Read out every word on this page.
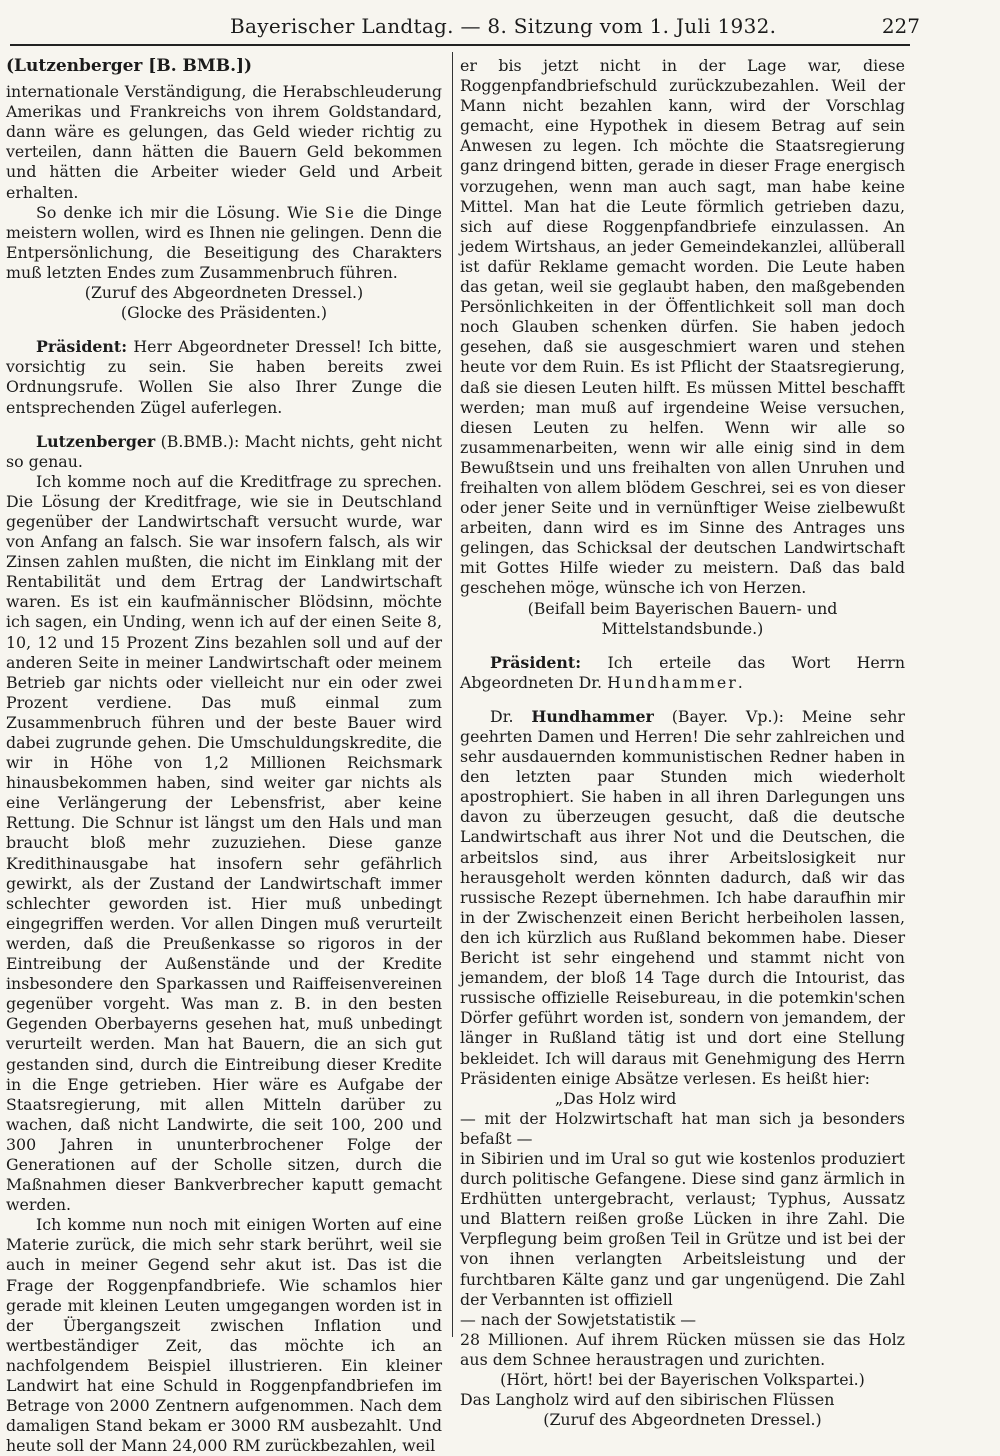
Bayerischer Landtag. — 8. Sitzung vom 1. Juli 1932.	227

(Lutzenberger [B. BMB.])

internationale Verständigung, die Herabschleuderung Amerikas und Frankreichs von ihrem Goldstandard, dann wäre es gelungen, das Geld wieder richtig zu verteilen, dann hätten die Bauern Geld bekommen und hätten die Arbeiter wieder Geld und Arbeit erhalten.

So denke ich mir die Lösung. Wie Sie die Dinge meistern wollen, wird es Ihnen nie gelingen. Denn die Entpersönlichung, die Beseitigung des Charakters muß letzten Endes zum Zusammenbruch führen.

(Zuruf des Abgeordneten Dressel.)

(Glocke des Präsidenten.)

Präsident: Herr Abgeordneter Dressel! Ich bitte, vorsichtig zu sein. Sie haben bereits zwei Ordnungsrufe. Wollen Sie also Ihrer Zunge die entsprechenden Zügel auferlegen.

Lutzenberger (B.BMB.): Macht nichts, geht nicht so genau.

Ich komme noch auf die Kreditfrage zu sprechen. Die Lösung der Kreditfrage, wie sie in Deutschland gegenüber der Landwirtschaft versucht wurde, war von Anfang an falsch. Sie war insofern falsch, als wir Zinsen zahlen mußten, die nicht im Einklang mit der Rentabilität und dem Ertrag der Landwirtschaft waren. Es ist ein kaufmännischer Blödsinn, möchte ich sagen, ein Unding, wenn ich auf der einen Seite 8, 10, 12 und 15 Prozent Zins bezahlen soll und auf der anderen Seite in meiner Landwirtschaft oder meinem Betrieb gar nichts oder vielleicht nur ein oder zwei Prozent verdiene. Das muß einmal zum Zusammenbruch führen und der beste Bauer wird dabei zugrunde gehen. Die Umschuldungskredite, die wir in Höhe von 1,2 Millionen Reichsmark hinausbekommen haben, sind weiter gar nichts als eine Verlängerung der Lebensfrist, aber keine Rettung. Die Schnur ist längst um den Hals und man braucht bloß mehr zuzuziehen. Diese ganze Kredithinausgabe hat insofern sehr gefährlich gewirkt, als der Zustand der Landwirtschaft immer schlechter geworden ist. Hier muß unbedingt eingegriffen werden. Vor allen Dingen muß verurteilt werden, daß die Preußenkasse so rigoros in der Eintreibung der Außenstände und der Kredite insbesondere den Sparkassen und Raiffeisenvereinen gegenüber vorgeht. Was man z. B. in den besten Gegenden Oberbayerns gesehen hat, muß unbedingt verurteilt werden. Man hat Bauern, die an sich gut gestanden sind, durch die Eintreibung dieser Kredite in die Enge getrieben. Hier wäre es Aufgabe der Staatsregierung, mit allen Mitteln darüber zu wachen, daß nicht Landwirte, die seit 100, 200 und 300 Jahren in ununterbrochener Folge der Generationen auf der Scholle sitzen, durch die Maßnahmen dieser Bankverbrecher kaputt gemacht werden.

Ich komme nun noch mit einigen Worten auf eine Materie zurück, die mich sehr stark berührt, weil sie auch in meiner Gegend sehr akut ist. Das ist die Frage der Roggenpfandbriefe. Wie schamlos hier gerade mit kleinen Leuten umgegangen worden ist in der Übergangszeit zwischen Inflation und wertbeständiger Zeit, das möchte ich an nachfolgendem Beispiel illustrieren. Ein kleiner Landwirt hat eine Schuld in Roggenpfandbriefen im Betrage von 2000 Zentnern aufgenommen. Nach dem damaligen Stand bekam er 3000 RM ausbezahlt. Und heute soll der Mann 24,000 RM zurückbezahlen, weil

er bis jetzt nicht in der Lage war, diese Roggenpfandbriefschuld zurückzubezahlen. Weil der Mann nicht bezahlen kann, wird der Vorschlag gemacht, eine Hypothek in diesem Betrag auf sein Anwesen zu legen. Ich möchte die Staatsregierung ganz dringend bitten, gerade in dieser Frage energisch vorzugehen, wenn man auch sagt, man habe keine Mittel. Man hat die Leute förmlich getrieben dazu, sich auf diese Roggenpfandbriefe einzulassen. An jedem Wirtshaus, an jeder Gemeindekanzlei, allüberall ist dafür Reklame gemacht worden. Die Leute haben das getan, weil sie geglaubt haben, den maßgebenden Persönlichkeiten in der Öffentlichkeit soll man doch noch Glauben schenken dürfen. Sie haben jedoch gesehen, daß sie ausgeschmiert waren und stehen heute vor dem Ruin. Es ist Pflicht der Staatsregierung, daß sie diesen Leuten hilft. Es müssen Mittel beschafft werden; man muß auf irgendeine Weise versuchen, diesen Leuten zu helfen. Wenn wir alle so zusammenarbeiten, wenn wir alle einig sind in dem Bewußtsein und uns freihalten von allen Unruhen und freihalten von allem blödem Geschrei, sei es von dieser oder jener Seite und in vernünftiger Weise zielbewußt arbeiten, dann wird es im Sinne des Antrages uns gelingen, das Schicksal der deutschen Landwirtschaft mit Gottes Hilfe wieder zu meistern. Daß das bald geschehen möge, wünsche ich von Herzen.

(Beifall beim Bayerischen Bauern- und Mittelstandsbunde.)

Präsident: Ich erteile das Wort Herrn Abgeordneten Dr. Hundhammer.

Dr. Hundhammer (Bayer. Vp.): Meine sehr geehrten Damen und Herren! Die sehr zahlreichen und sehr ausdauernden kommunistischen Redner haben in den letzten paar Stunden mich wiederholt apostrophiert. Sie haben in all ihren Darlegungen uns davon zu überzeugen gesucht, daß die deutsche Landwirtschaft aus ihrer Not und die Deutschen, die arbeitslos sind, aus ihrer Arbeitslosigkeit nur herausgeholt werden könnten dadurch, daß wir das russische Rezept übernehmen. Ich habe daraufhin mir in der Zwischenzeit einen Bericht herbeiholen lassen, den ich kürzlich aus Rußland bekommen habe. Dieser Bericht ist sehr eingehend und stammt nicht von jemandem, der bloß 14 Tage durch die Intourist, das russische offizielle Reisebureau, in die potemkin'schen Dörfer geführt worden ist, sondern von jemandem, der länger in Rußland tätig ist und dort eine Stellung bekleidet. Ich will daraus mit Genehmigung des Herrn Präsidenten einige Absätze verlesen. Es heißt hier:

„Das Holz wird

— mit der Holzwirtschaft hat man sich ja besonders befaßt —

in Sibirien und im Ural so gut wie kostenlos produziert durch politische Gefangene. Diese sind ganz ärmlich in Erdhütten untergebracht, verlaust; Typhus, Aussatz und Blattern reißen große Lücken in ihre Zahl. Die Verpflegung beim großen Teil in Grütze und ist bei der von ihnen verlangten Arbeitsleistung und der furchtbaren Kälte ganz und gar ungenügend. Die Zahl der Verbannten ist offiziell

— nach der Sowjetstatistik —

28 Millionen. Auf ihrem Rücken müssen sie das Holz aus dem Schnee heraustragen und zurichten.

(Hört, hört! bei der Bayerischen Volkspartei.)

Das Langholz wird auf den sibirischen Flüssen

(Zuruf des Abgeordneten Dressel.)
